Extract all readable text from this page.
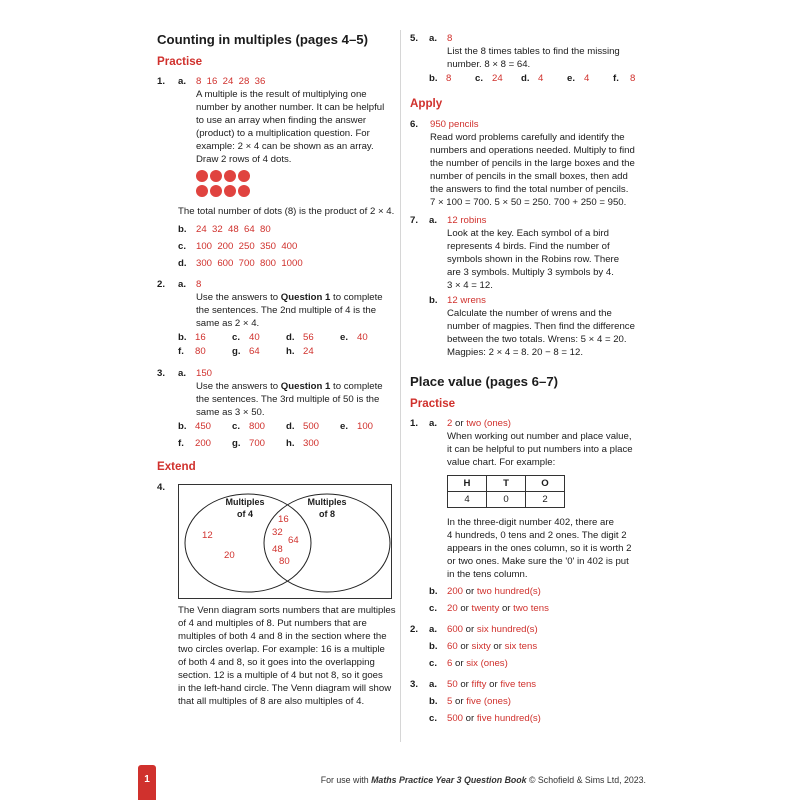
Counting in multiples (pages 4–5)
Practise
1.	a. 8  16  24  28  36
A multiple is the result of multiplying one
number by another number. It can be helpful
to use an array when finding the answer
(product) to a multiplication question. For
example: 2 × 4 can be shown as an array.
Draw 2 rows of 4 dots.
The total number of dots (8) is the product of 2 × 4.
b. 24  32  48  64  80
c. 100  200  250  350  400
d. 300  600  700  800  1000
2.	a. 8
Use the answers to Question 1 to complete
the sentences. The 2nd multiple of 4 is the
same as 2 × 4.
b. 16	c. 40	d. 56	e. 40
f. 80	g. 64	h. 24
3.	a. 150
Use the answers to Question 1 to complete
the sentences. The 3rd multiple of 50 is the
same as 3 × 50.
b. 450 c. 800 d. 500 e. 100
f. 200 g. 700 h. 300
Extend
4.
Multiples
of 4
Multiples
of 8
12
20
16
32
64
48
80
The Venn diagram sorts numbers that are multiples
of 4 and multiples of 8. Put numbers that are
multiples of both 4 and 8 in the section where the
two circles overlap. For example: 16 is a multiple
of both 4 and 8, so it goes into the overlapping
section. 12 is a multiple of 4 but not 8, so it goes
in the left-hand circle. The Venn diagram will show
that all multiples of 8 are also multiples of 4.
5.	a. 8
List the 8 times tables to find the missing
number. 8 × 8 = 64.
b. 8 c. 24 d. 4 e. 4 f. 8
Apply
6.	950 pencils
Read word problems carefully and identify the
numbers and operations needed. Multiply to find
the number of pencils in the large boxes and the
number of pencils in the small boxes, then add
the answers to find the total number of pencils.
7 × 100 = 700. 5 × 50 = 250. 700 + 250 = 950.
7.	a. 12 robins
Look at the key. Each symbol of a bird
represents 4 birds. Find the number of
symbols shown in the Robins row. There
are 3 symbols. Multiply 3 symbols by 4.
3 × 4 = 12.
b. 12 wrens
Calculate the number of wrens and the
number of magpies. Then find the difference
between the two totals. Wrens: 5 × 4 = 20.
Magpies: 2 × 4 = 8. 20 − 8 = 12.
Place value (pages 6–7)
Practise
1.	a. 2 or two (ones)
When working out number and place value,
it can be helpful to put numbers into a place
value chart. For example:
H	T	O
4	0	2
In the three-digit number 402, there are
4 hundreds, 0 tens and 2 ones. The digit 2
appears in the ones column, so it is worth 2
or two ones. Make sure the '0' in 402 is put
in the tens column.
b. 200 or two hundred(s)
c. 20 or twenty or two tens
2.	a. 600 or six hundred(s)
b. 60 or sixty or six tens
c. 6 or six (ones)
3.	a. 50 or fifty or five tens
b. 5 or five (ones)
c. 500 or five hundred(s)
1	For use with Maths Practice Year 3 Question Book © Schofield & Sims Ltd, 2023.
